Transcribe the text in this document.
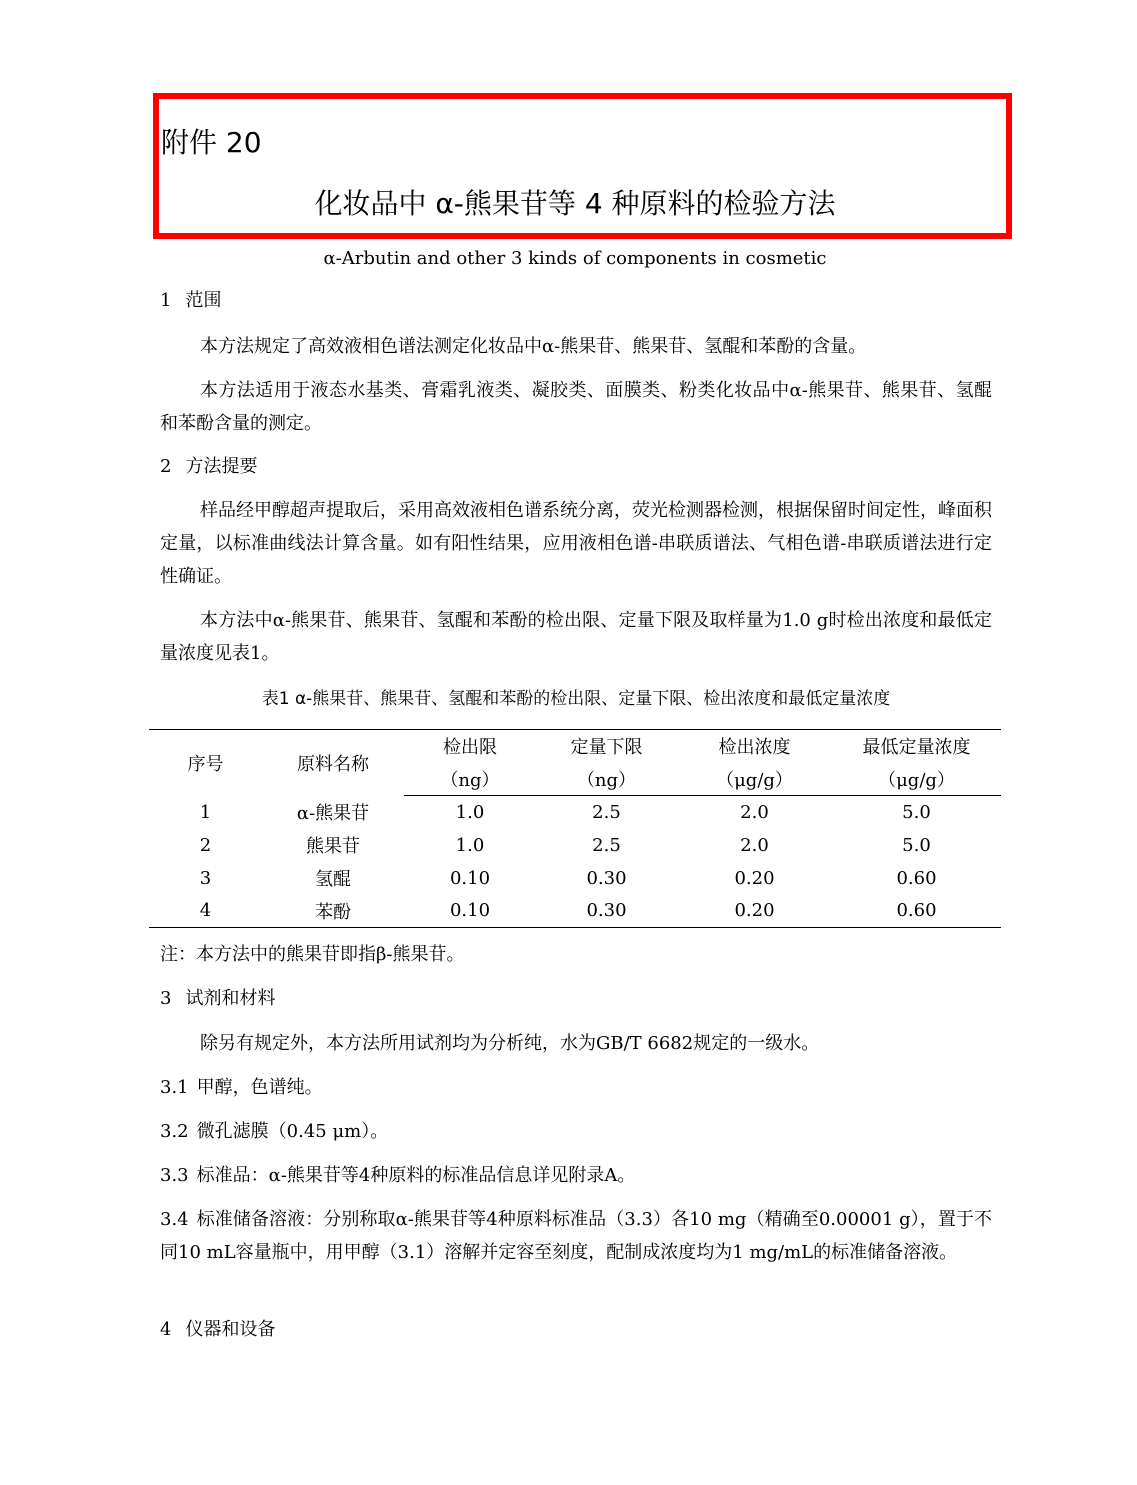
附件 20
化妆品中 α-熊果苷等 4 种原料的检验方法
α-Arbutin and other 3 kinds of components in cosmetic
1 范围
本方法规定了高效液相色谱法测定化妆品中α-熊果苷、熊果苷、氢醌和苯酚的含量。
本方法适用于液态水基类、膏霜乳液类、凝胶类、面膜类、粉类化妆品中α-熊果苷、熊果苷、氢醌和苯酚含量的测定。
2 方法提要
样品经甲醇超声提取后，采用高效液相色谱系统分离，荧光检测器检测，根据保留时间定性，峰面积定量，以标准曲线法计算含量。如有阳性结果，应用液相色谱-串联质谱法、气相色谱-串联质谱法进行定性确证。
本方法中α-熊果苷、熊果苷、氢醌和苯酚的检出限、定量下限及取样量为1.0 g时检出浓度和最低定量浓度见表1。
表1 α-熊果苷、熊果苷、氢醌和苯酚的检出限、定量下限、检出浓度和最低定量浓度
序号	原料名称	检出限	定量下限	检出浓度	最低定量浓度
		（ng）	（ng）	（μg/g）	（μg/g）
1	α-熊果苷	1.0	2.5	2.0	5.0
2	熊果苷	1.0	2.5	2.0	5.0
3	氢醌	0.10	0.30	0.20	0.60
4	苯酚	0.10	0.30	0.20	0.60
注：本方法中的熊果苷即指β-熊果苷。
3 试剂和材料
除另有规定外，本方法所用试剂均为分析纯，水为GB/T 6682规定的一级水。
3.1 甲醇，色谱纯。
3.2 微孔滤膜（0.45 μm）。
3.3 标准品：α-熊果苷等4种原料的标准品信息详见附录A。
3.4 标准储备溶液：分别称取α-熊果苷等4种原料标准品（3.3）各10 mg（精确至0.00001 g），置于不同10 mL容量瓶中，用甲醇（3.1）溶解并定容至刻度，配制成浓度均为1 mg/mL的标准储备溶液。
4 仪器和设备
